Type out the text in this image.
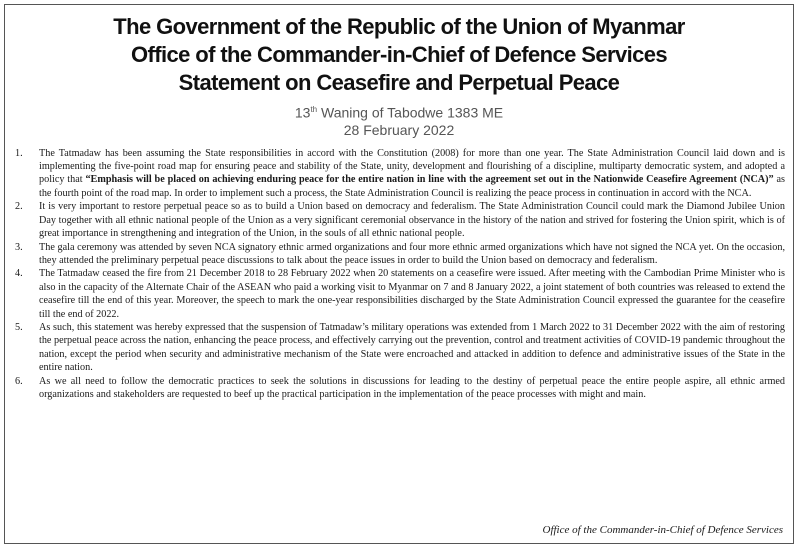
The Government of the Republic of the Union of Myanmar
Office of the Commander-in-Chief of Defence Services
Statement on Ceasefire and Perpetual Peace
13th Waning of Tabodwe 1383 ME
28 February 2022
1.	The Tatmadaw has been assuming the State responsibilities in accord with the Constitution (2008) for more than one year. The State Administration Council laid down and is implementing the five-point road map for ensuring peace and stability of the State, unity, development and flourishing of a discipline, multiparty democratic system, and adopted a policy that “Emphasis will be placed on achieving enduring peace for the entire nation in line with the agreement set out in the Nationwide Ceasefire Agreement (NCA)” as the fourth point of the road map. In order to implement such a process, the State Administration Council is realizing the peace process in continuation in accord with the NCA.
2.	It is very important to restore perpetual peace so as to build a Union based on democracy and federalism. The State Administration Council could mark the Diamond Jubilee Union Day together with all ethnic national people of the Union as a very significant ceremonial observance in the history of the nation and strived for fostering the Union spirit, which is of great importance in strengthening and integration of the Union, in the souls of all ethnic national people.
3.	The gala ceremony was attended by seven NCA signatory ethnic armed organizations and four more ethnic armed organizations which have not signed the NCA yet. On the occasion, they attended the preliminary perpetual peace discussions to talk about the peace issues in order to build the Union based on democracy and federalism.
4.	The Tatmadaw ceased the fire from 21 December 2018 to 28 February 2022 when 20 statements on a ceasefire were issued. After meeting with the Cambodian Prime Minister who is also in the capacity of the Alternate Chair of the ASEAN who paid a working visit to Myanmar on 7 and 8 January 2022, a joint statement of both countries was released to extend the ceasefire till the end of this year. Moreover, the speech to mark the one-year responsibilities discharged by the State Administration Council expressed the guarantee for the ceasefire till the end of 2022.
5.	As such, this statement was hereby expressed that the suspension of Tatmadaw’s military operations was extended from 1 March 2022 to 31 December 2022 with the aim of restoring the perpetual peace across the nation, enhancing the peace process, and effectively carrying out the prevention, control and treatment activities of COVID-19 pandemic throughout the nation, except the period when security and administrative mechanism of the State were encroached and attacked in addition to defence and administrative issues of the State in the entire nation.
6.	As we all need to follow the democratic practices to seek the solutions in discussions for leading to the destiny of perpetual peace the entire people aspire, all ethnic armed organizations and stakeholders are requested to beef up the practical participation in the implementation of the peace processes with might and main.
Office of the Commander-in-Chief of Defence Services
